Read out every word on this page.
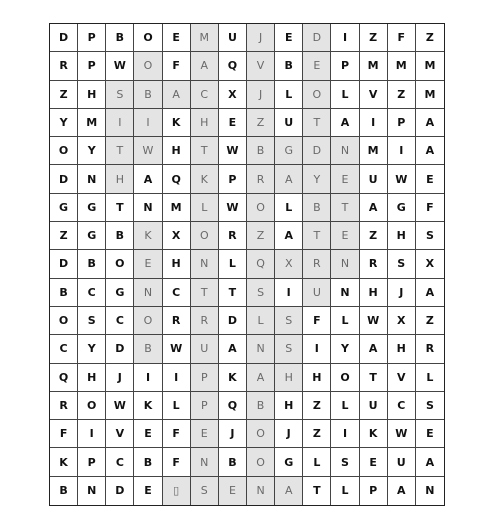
D	P	B	O	E	M	U	J	E	D	I	Z	F	Z
R	P	W	O	F	A	Q	V	B	E	P	M	M	M
Z	H	S	B	A	C	X	J	L	O	L	V	Z	M
Y	M	I	I	K	H	E	Z	U	T	A	I	P	A
O	Y	T	W	H	T	W	B	G	D	N	M	I	A
D	N	H	A	Q	K	P	R	A	Y	E	U	W	E
G	G	T	N	M	L	W	O	L	B	T	A	G	F
Z	G	B	K	X	O	R	Z	A	T	E	Z	H	S
D	B	O	E	H	N	L	Q	X	R	N	R	S	X
B	C	G	N	C	T	T	S	I	U	N	H	J	A
O	S	C	O	R	R	D	L	S	F	L	W	X	Z
C	Y	D	B	W	U	A	N	S	I	Y	A	H	R
Q	H	J	I	I	P	K	A	H	H	O	T	V	L
R	O	W	K	L	P	Q	B	H	Z	L	U	C	S
F	I	V	E	F	E	J	O	J	Z	I	K	W	E
K	P	C	B	F	N	B	O	G	L	S	E	U	A
B	N	D	E	▯	S	E	N	A	T	L	P	A	N
